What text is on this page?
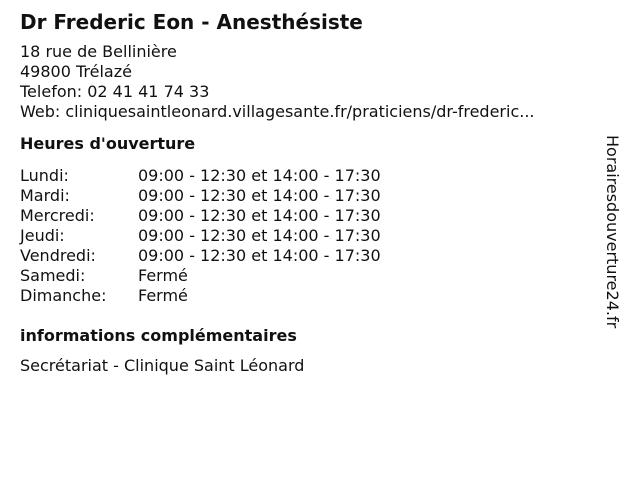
Dr Frederic Eon - Anesthésiste
18 rue de Bellinière
49800 Trélazé
Telefon: 02 41 41 74 33
Web: cliniquesaintleonard.villagesante.fr/praticiens/dr-frederic...
Heures d'ouverture
Lundi:	09:00 - 12:30 et 14:00 - 17:30
Mardi:	09:00 - 12:30 et 14:00 - 17:30
Mercredi:	09:00 - 12:30 et 14:00 - 17:30
Jeudi:	09:00 - 12:30 et 14:00 - 17:30
Vendredi:	09:00 - 12:30 et 14:00 - 17:30
Samedi:	Fermé
Dimanche:	Fermé
informations complémentaires
Secrétariat - Clinique Saint Léonard
Horairesdouverture24.fr
